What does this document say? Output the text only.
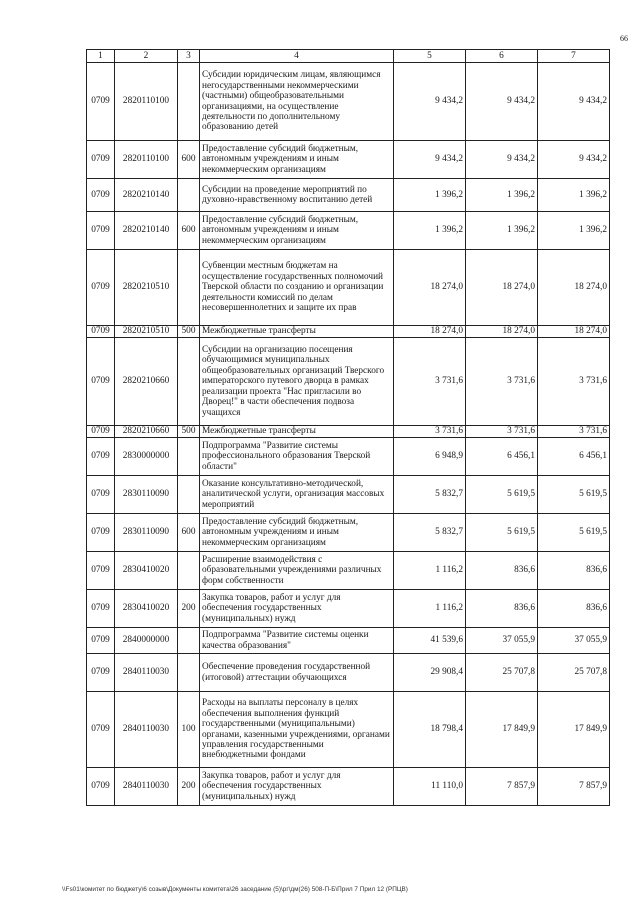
66
1	2	3	4	5	6	7
0709	2820110100		Субсидии юридическим лицам, являющимся негосударственными некоммерческими (частными) общеобразовательными организациями, на осуществление деятельности по дополнительному образованию детей	9 434,2	9 434,2	9 434,2
0709	2820110100	600	Предоставление субсидий бюджетным, автономным учреждениям и иным некоммерческим организациям	9 434,2	9 434,2	9 434,2
0709	2820210140		Субсидии на проведение мероприятий по духовно-нравственному воспитанию детей	1 396,2	1 396,2	1 396,2
0709	2820210140	600	Предоставление субсидий бюджетным, автономным учреждениям и иным некоммерческим организациям	1 396,2	1 396,2	1 396,2
0709	2820210510		Субвенции местным бюджетам на осуществление государственных полномочий Тверской области по созданию и организации деятельности комиссий по делам несовершеннолетних и защите их прав	18 274,0	18 274,0	18 274,0
0709	2820210510	500	Межбюджетные трансферты	18 274,0	18 274,0	18 274,0
0709	2820210660		Субсидии на организацию посещения обучающимися муниципальных общеобразовательных организаций Тверского императорского путевого дворца в рамках реализации проекта "Нас пригласили во Дворец!" в части обеспечения подвоза учащихся	3 731,6	3 731,6	3 731,6
0709	2820210660	500	Межбюджетные трансферты	3 731,6	3 731,6	3 731,6
0709	2830000000		Подпрограмма "Развитие системы профессионального образования Тверской области"	6 948,9	6 456,1	6 456,1
0709	2830110090		Оказание консультативно-методической, аналитической услуги, организация массовых мероприятий	5 832,7	5 619,5	5 619,5
0709	2830110090	600	Предоставление субсидий бюджетным, автономным учреждениям и иным некоммерческим организациям	5 832,7	5 619,5	5 619,5
0709	2830410020		Расширение взаимодействия с образовательными учреждениями различных форм собственности	1 116,2	836,6	836,6
0709	2830410020	200	Закупка товаров, работ и услуг для обеспечения государственных (муниципальных) нужд	1 116,2	836,6	836,6
0709	2840000000		Подпрограмма "Развитие системы оценки качества образования"	41 539,6	37 055,9	37 055,9
0709	2840110030		Обеспечение проведения государственной (итоговой) аттестации обучающихся	29 908,4	25 707,8	25 707,8
0709	2840110030	100	Расходы на выплаты персоналу в целях обеспечения выполнения функций государственными (муниципальными) органами, казенными учреждениями, органами управления государственными внебюджетными фондами	18 798,4	17 849,9	17 849,9
0709	2840110030	200	Закупка товаров, работ и услуг для обеспечения государственных (муниципальных) нужд	11 110,0	7 857,9	7 857,9
\\Fs01\комитет по бюджету\6 созыв\Документы комитета\26 заседание (5)\рг\дм(26) 508-П-Б\Прил 7 Прил 12 (РПЦВ)
